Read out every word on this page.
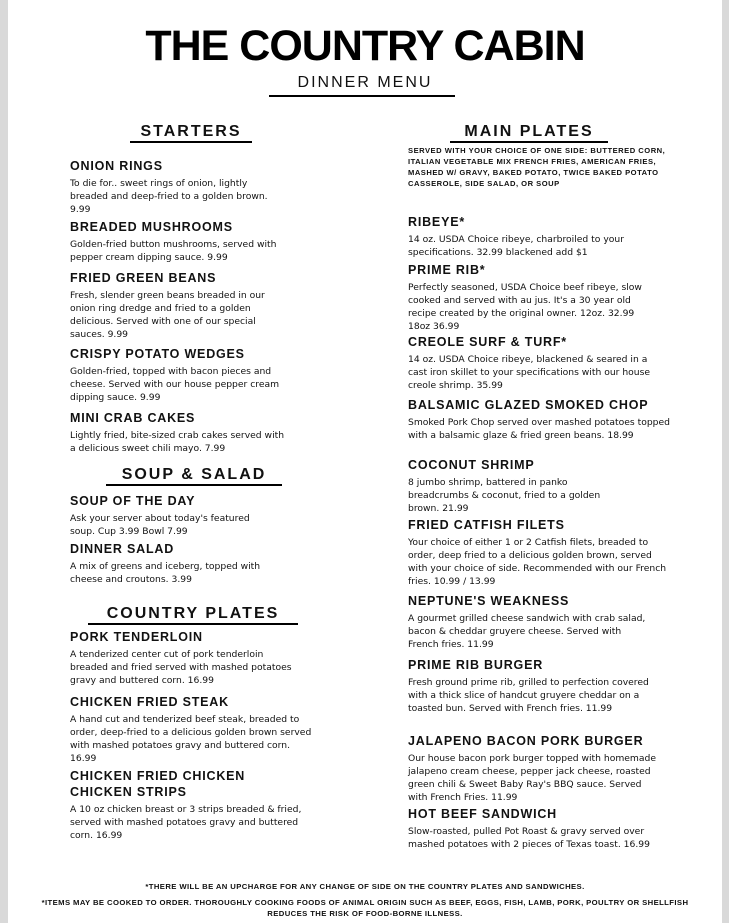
THE COUNTRY CABIN
DINNER MENU
STARTERS
ONION RINGS
To die for.. sweet rings of onion, lightly breaded and deep-fried to a golden brown. 9.99
BREADED MUSHROOMS
Golden-fried button mushrooms, served with pepper cream dipping sauce. 9.99
FRIED GREEN BEANS
Fresh, slender green beans breaded in our onion ring dredge and fried to a golden delicious. Served with one of our special sauces. 9.99
CRISPY POTATO WEDGES
Golden-fried, topped with bacon pieces and cheese. Served with our house pepper cream dipping sauce. 9.99
MINI CRAB CAKES
Lightly fried, bite-sized crab cakes served with a delicious sweet chili mayo. 7.99
SOUP & SALAD
SOUP OF THE DAY
Ask your server about today's featured soup. Cup 3.99 Bowl 7.99
DINNER SALAD
A mix of greens and iceberg, topped with cheese and croutons. 3.99
COUNTRY PLATES
PORK TENDERLOIN
A tenderized center cut of pork tenderloin breaded and fried served with mashed potatoes gravy and buttered corn. 16.99
CHICKEN FRIED STEAK
A hand cut and tenderized beef steak, breaded to order, deep-fried to a delicious golden brown served with mashed potatoes gravy and buttered corn. 16.99
CHICKEN FRIED CHICKEN
CHICKEN STRIPS
A 10 oz chicken breast or 3 strips breaded & fried, served with mashed potatoes gravy and buttered corn. 16.99
MAIN PLATES
SERVED WITH YOUR CHOICE OF ONE SIDE: BUTTERED CORN, ITALIAN VEGETABLE MIX FRENCH FRIES, AMERICAN FRIES, MASHED W/ GRAVY, BAKED POTATO, TWICE BAKED POTATO CASSEROLE, SIDE SALAD, OR SOUP
RIBEYE*
14 oz. USDA Choice ribeye, charbroiled to your specifications. 32.99 blackened add $1
PRIME RIB*
Perfectly seasoned, USDA Choice beef ribeye, slow cooked and served with au jus. It's a 30 year old recipe created by the original owner. 12oz. 32.99 18oz 36.99
CREOLE SURF & TURF*
14 oz. USDA Choice ribeye, blackened & seared in a cast iron skillet to your specifications with our house creole shrimp. 35.99
BALSAMIC GLAZED SMOKED CHOP
Smoked Pork Chop served over mashed potatoes topped with a balsamic glaze & fried green beans. 18.99
COCONUT SHRIMP
8 jumbo shrimp, battered in panko breadcrumbs & coconut, fried to a golden brown. 21.99
FRIED CATFISH FILETS
Your choice of either 1 or 2 Catfish filets, breaded to order, deep fried to a delicious golden brown, served with your choice of side. Recommended with our French fries. 10.99 / 13.99
NEPTUNE'S WEAKNESS
A gourmet grilled cheese sandwich with crab salad, bacon & cheddar gruyere cheese. Served with French fries. 11.99
PRIME RIB BURGER
Fresh ground prime rib, grilled to perfection covered with a thick slice of handcut gruyere cheddar on a toasted bun. Served with French fries. 11.99
JALAPENO BACON PORK BURGER
Our house bacon pork burger topped with homemade jalapeno cream cheese, pepper jack cheese, roasted green chili & Sweet Baby Ray's BBQ sauce. Served with French Fries. 11.99
HOT BEEF SANDWICH
Slow-roasted, pulled Pot Roast & gravy served over mashed potatoes with 2 pieces of Texas toast. 16.99
*THERE WILL BE AN UPCHARGE FOR ANY CHANGE OF SIDE ON THE COUNTRY PLATES AND SANDWICHES.
*ITEMS MAY BE COOKED TO ORDER. THOROUGHLY COOKING FOODS OF ANIMAL ORIGIN SUCH AS BEEF, EGGS, FISH, LAMB, PORK, POULTRY OR SHELLFISH REDUCES THE RISK OF FOOD-BORNE ILLNESS.
